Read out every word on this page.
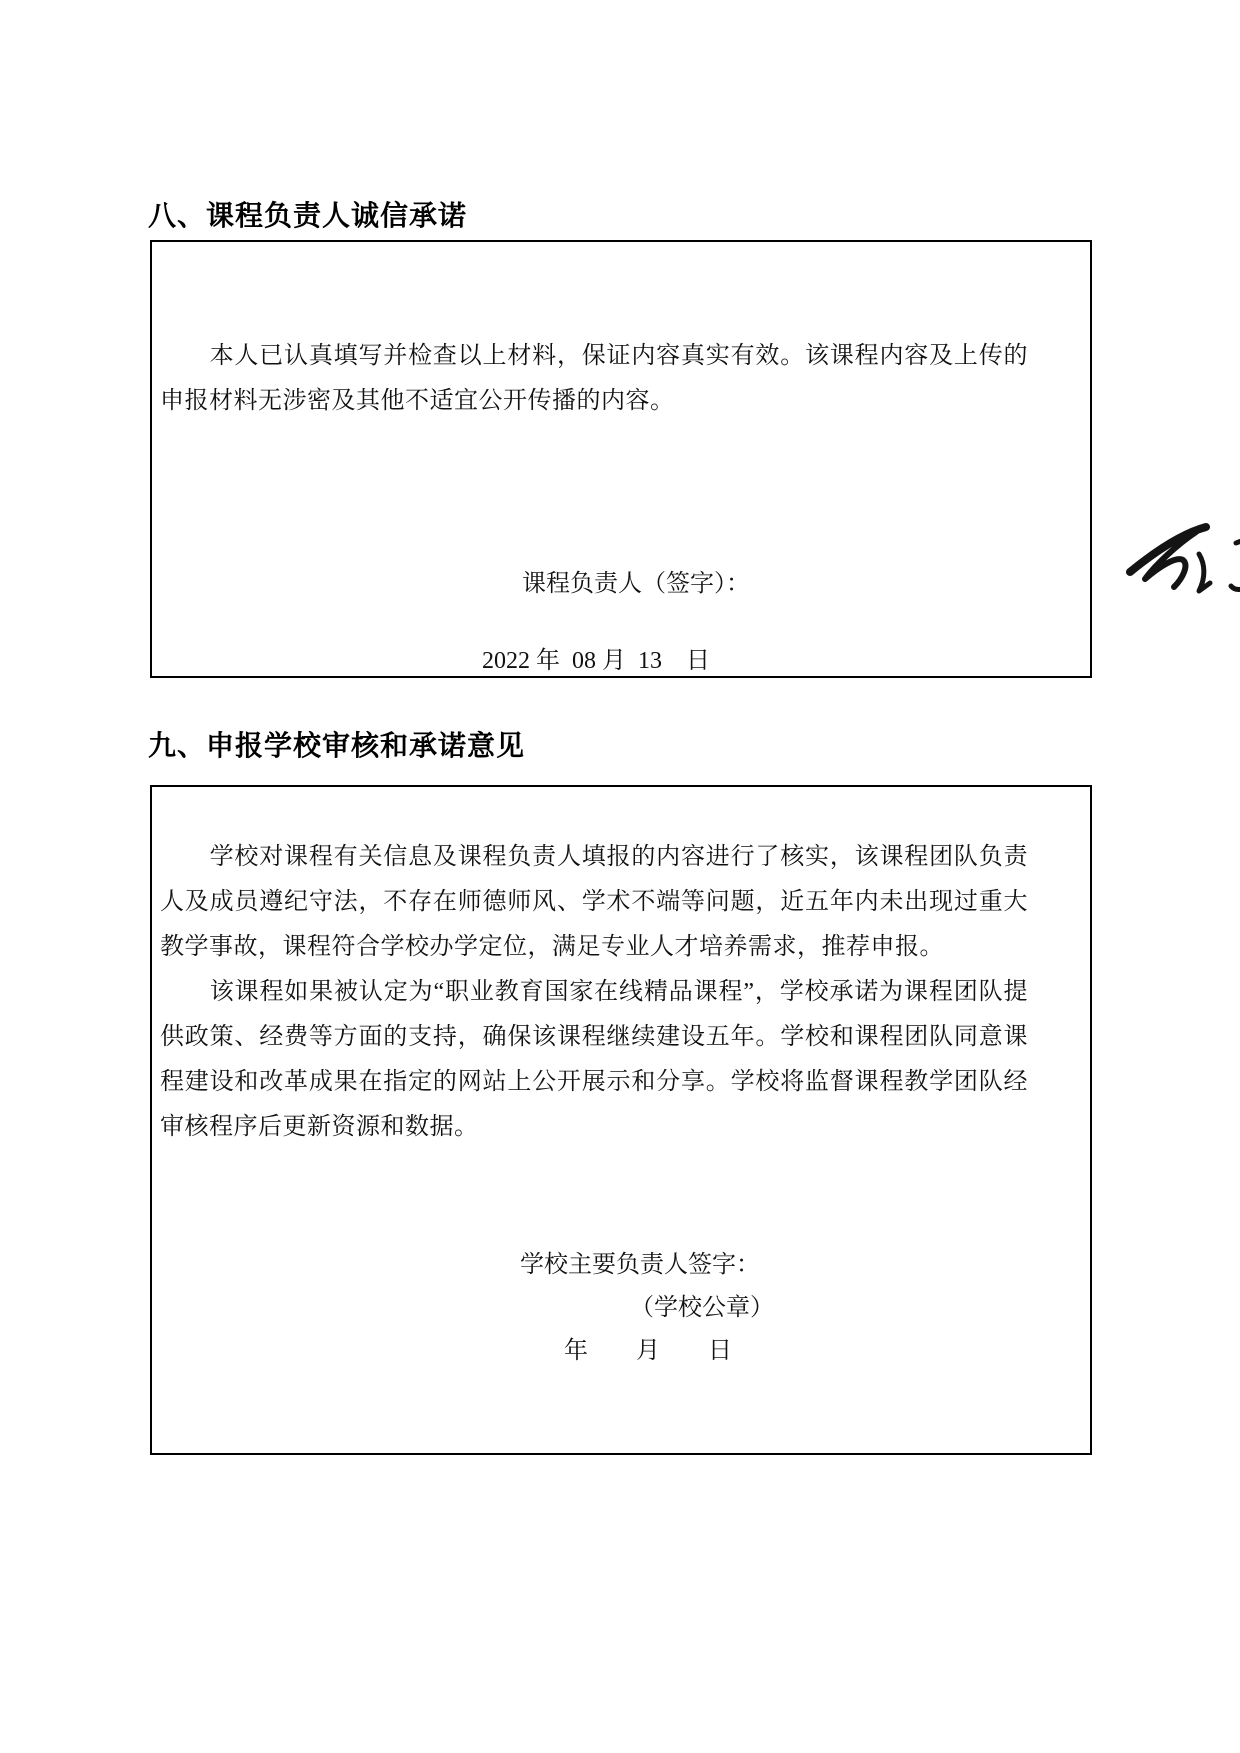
八、课程负责人诚信承诺
　　本人已认真填写并检查以上材料，保证内容真实有效。该课程内容及上传的
申报材料无涉密及其他不适宜公开传播的内容。
课程负责人（签字）：
2022 年  08 月  13    日
九、申报学校审核和承诺意见
　　学校对课程有关信息及课程负责人填报的内容进行了核实，该课程团队负责
人及成员遵纪守法，不存在师德师风、学术不端等问题，近五年内未出现过重大
教学事故，课程符合学校办学定位，满足专业人才培养需求，推荐申报。
　　该课程如果被认定为“职业教育国家在线精品课程”，学校承诺为课程团队提
供政策、经费等方面的支持，确保该课程继续建设五年。学校和课程团队同意课
程建设和改革成果在指定的网站上公开展示和分享。学校将监督课程教学团队经
审核程序后更新资源和数据。
学校主要负责人签字：
（学校公章）
年　　月　　日
